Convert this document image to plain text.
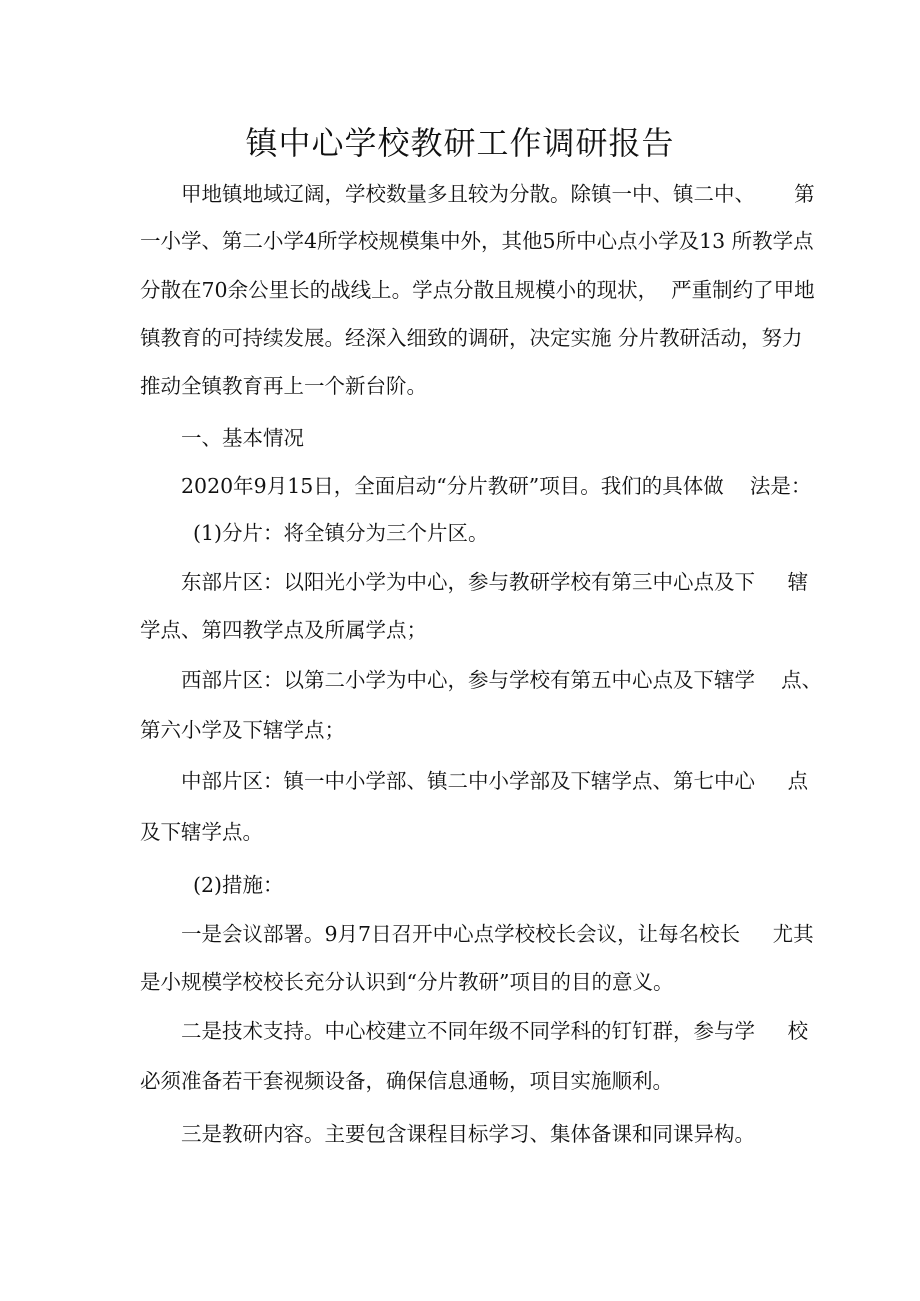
镇中心学校教研工作调研报告
甲地镇地域辽阔，学校数量多且较为分散。除镇一中、镇二中、      第
一小学、第二小学4所学校规模集中外，其他5所中心点小学及13 所教学点
分散在70余公里长的战线上。学点分散且规模小的现状，  严重制约了甲地
镇教育的可持续发展。经深入细致的调研，决定实施 分片教研活动，努力
推动全镇教育再上一个新台阶。
一、基本情况
2020年9月15日，全面启动“分片教研”项目。我们的具体做    法是：
(1)分片：将全镇分为三个片区。
东部片区：以阳光小学为中心，参与教研学校有第三中心点及下     辖
学点、第四教学点及所属学点；
西部片区：以第二小学为中心，参与学校有第五中心点及下辖学    点、
第六小学及下辖学点；
中部片区：镇一中小学部、镇二中小学部及下辖学点、第七中心     点
及下辖学点。
(2)措施：
一是会议部署。9月7日召开中心点学校校长会议，让每名校长     尤其
是小规模学校校长充分认识到“分片教研”项目的目的意义。
二是技术支持。中心校建立不同年级不同学科的钉钉群，参与学     校
必须准备若干套视频设备，确保信息通畅，项目实施顺利。
三是教研内容。主要包含课程目标学习、集体备课和同课异构。
